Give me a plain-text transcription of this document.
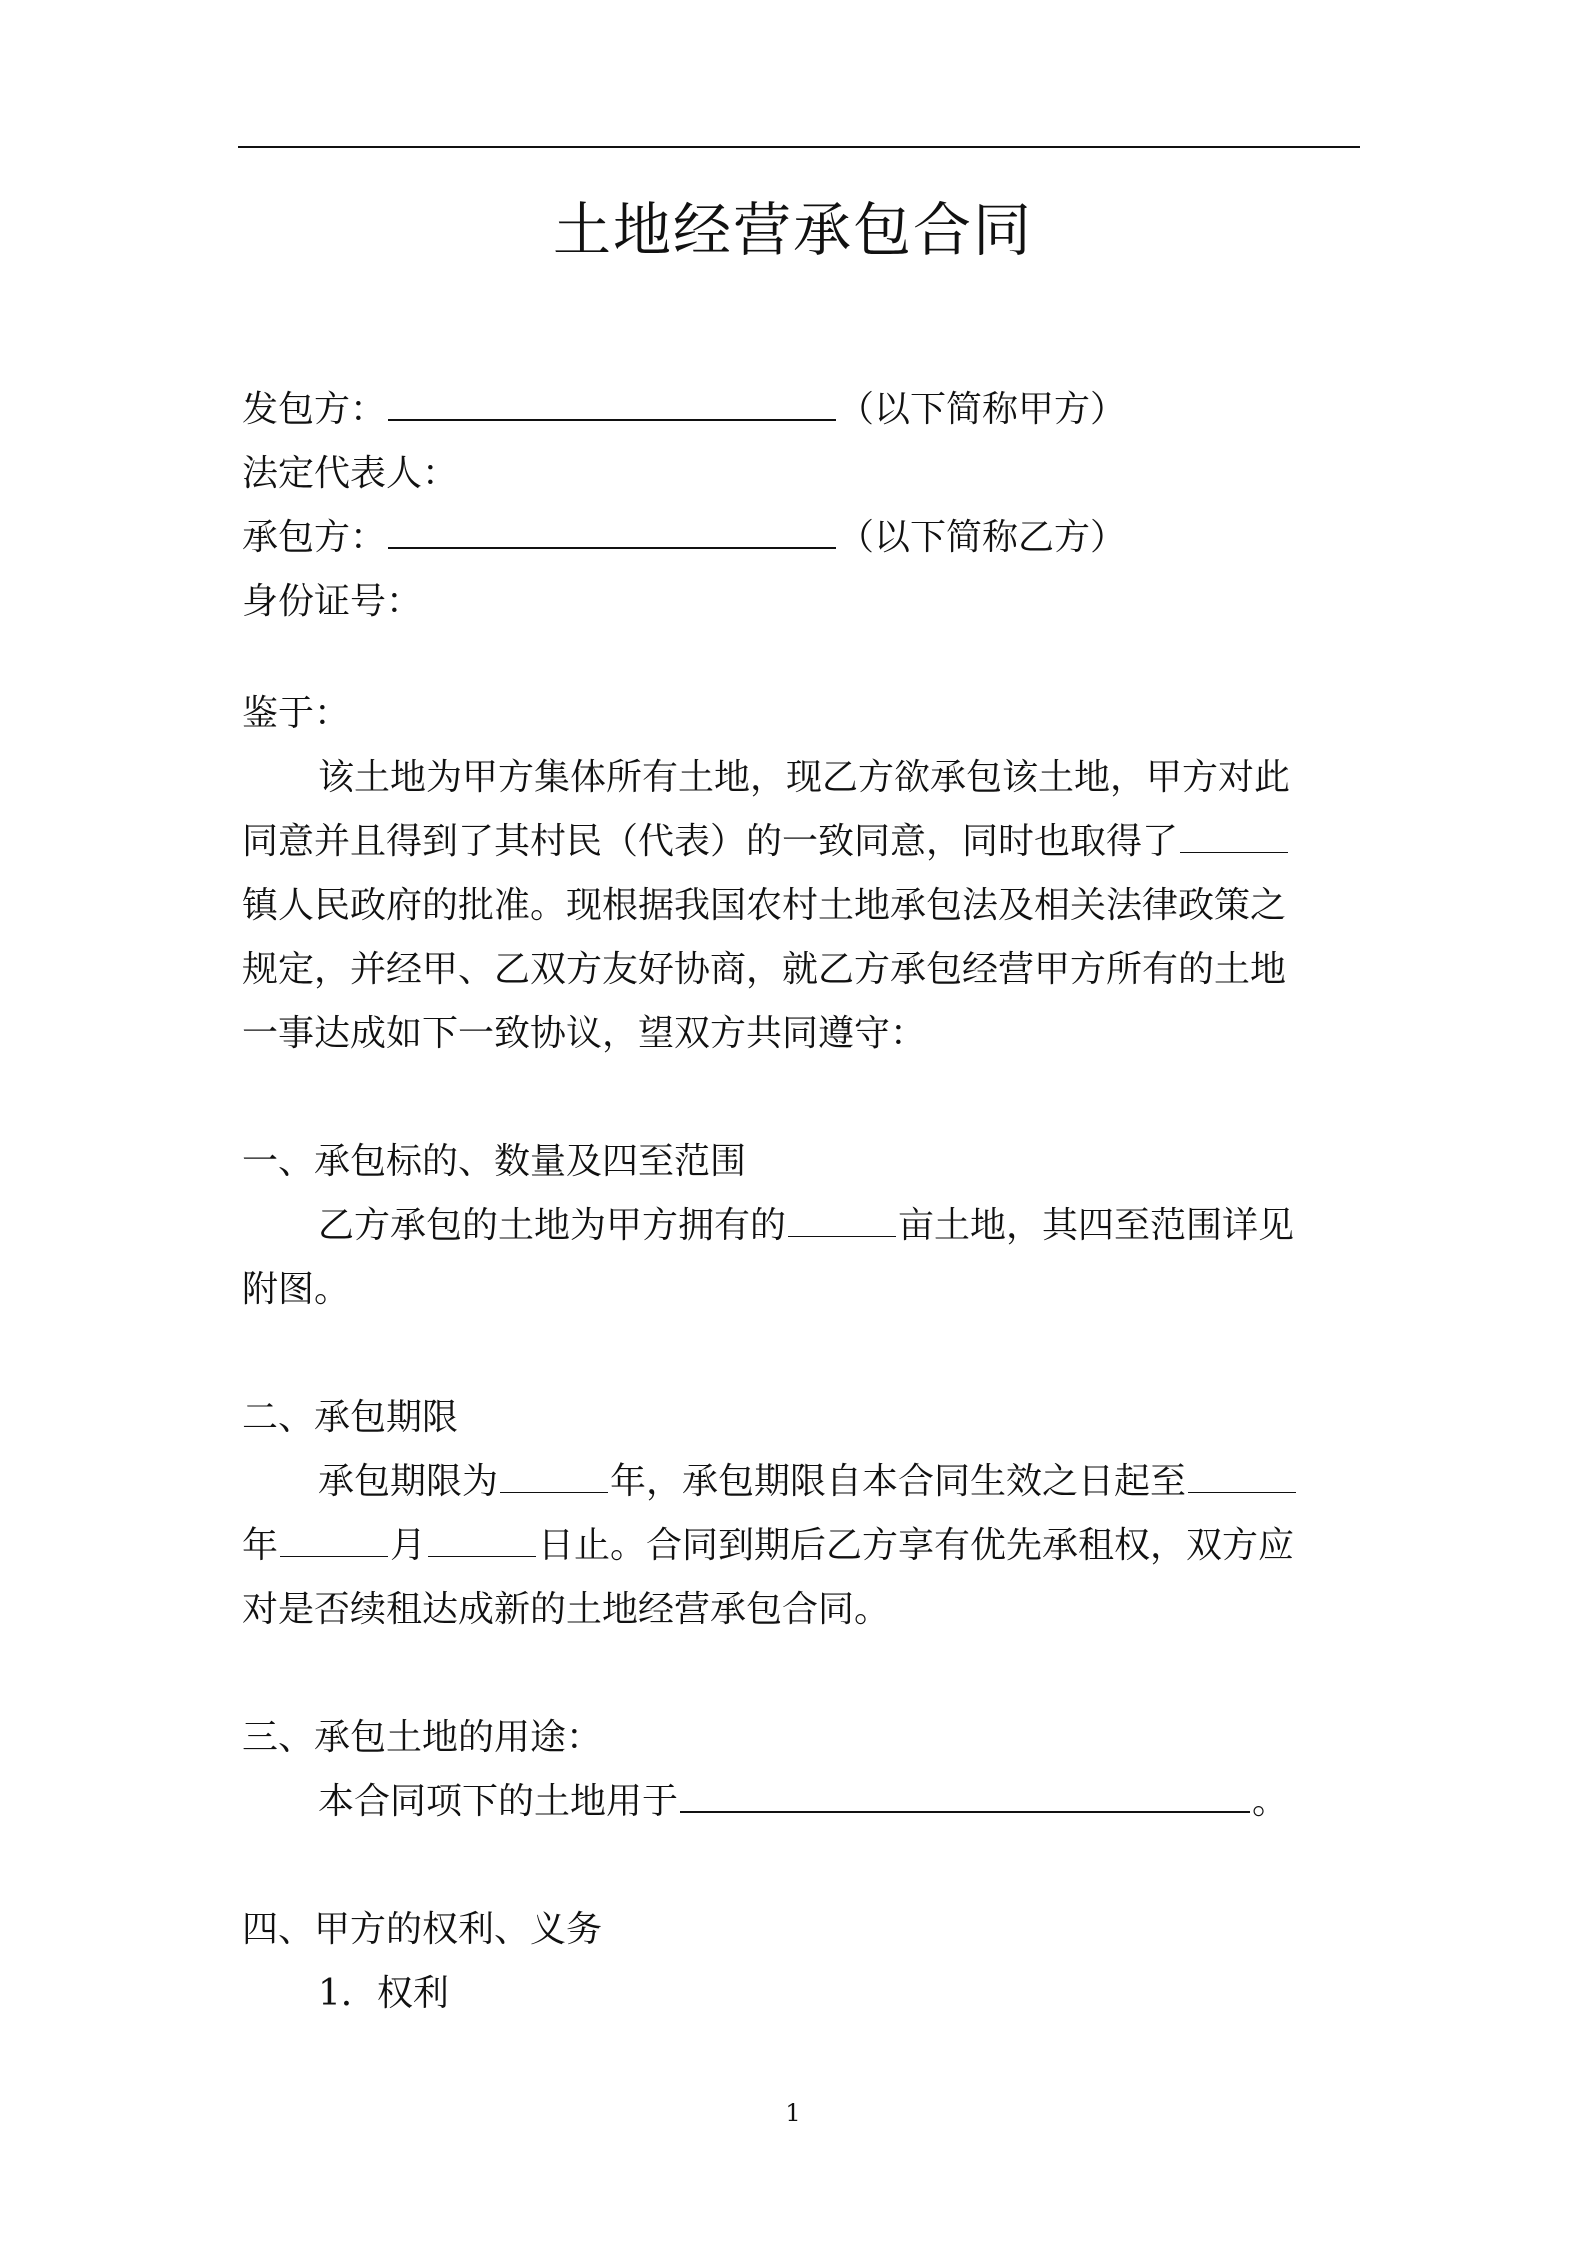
土地经营承包合同
发包方：	（以下简称甲方）
法定代表人：
承包方：	（以下简称乙方）
身份证号：
鉴于：
该土地为甲方集体所有土地，现乙方欲承包该土地，甲方对此
同意并且得到了其村民（代表）的一致同意，同时也取得了
镇人民政府的批准。现根据我国农村土地承包法及相关法律政策之
规定，并经甲、乙双方友好协商，就乙方承包经营甲方所有的土地
一事达成如下一致协议，望双方共同遵守：
一、承包标的、数量及四至范围
乙方承包的土地为甲方拥有的	亩土地，其四至范围详见
附图。
二、承包期限
承包期限为	年，承包期限自本合同生效之日起至
年	月	日止。合同到期后乙方享有优先承租权，双方应
对是否续租达成新的土地经营承包合同。
三、承包土地的用途：
本合同项下的土地用于	。
四、甲方的权利、义务
1．权利
1
